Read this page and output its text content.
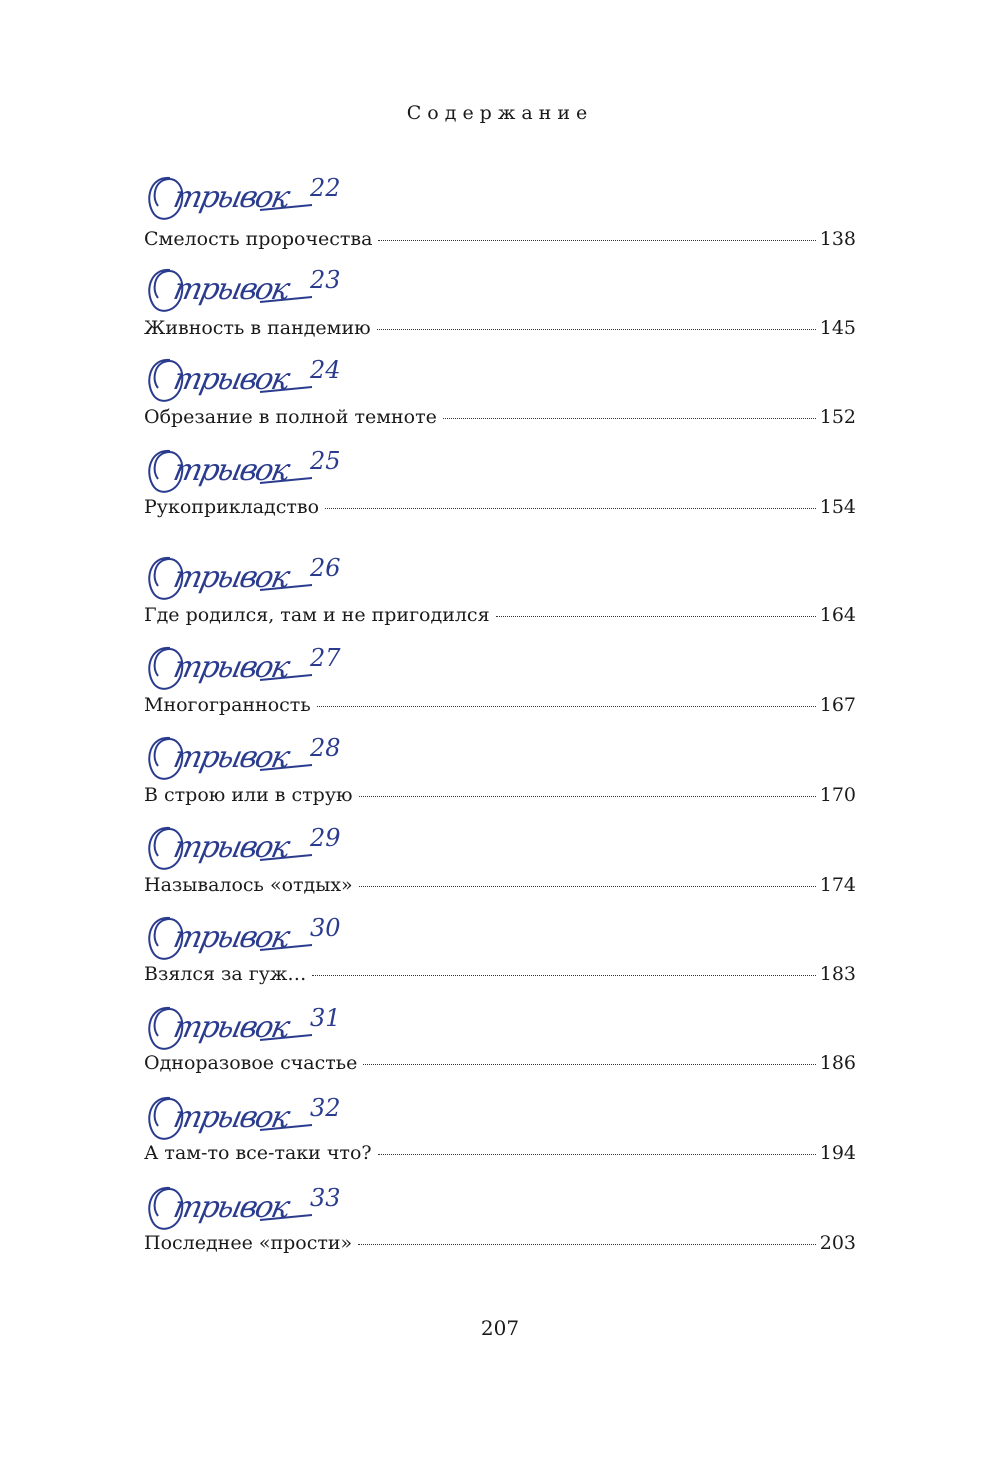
Содержание
трывок 22
Смелость пророчества	138
трывок 23
Живность в пандемию	145
трывок 24
Обрезание в полной темноте	152
трывок 25
Рукоприкладство	154
трывок 26
Где родился, там и не пригодился	164
трывок 27
Многогранность	167
трывок 28
В строю или в струю	170
трывок 29
Называлось «отдых»	174
трывок 30
Взялся за гуж…	183
трывок 31
Одноразовое счастье	186
трывок 32
А там-то все-таки что?	194
трывок 33
Последнее «прости»	203
207
